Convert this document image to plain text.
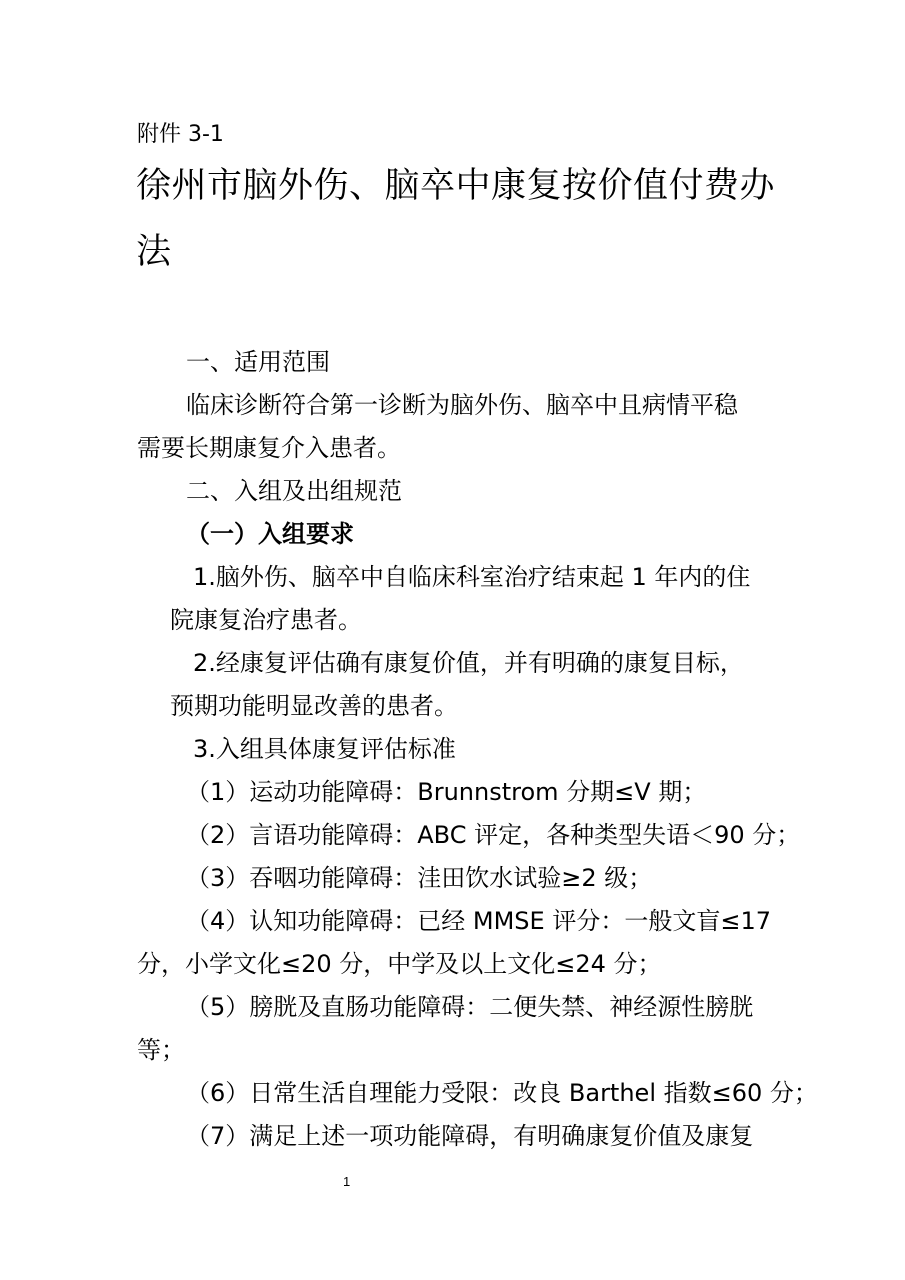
附件 3-1
徐州市脑外伤、脑卒中康复按价值付费办
法
一、适用范围
临床诊断符合第一诊断为脑外伤、脑卒中且病情平稳
需要长期康复介入患者。
二、入组及出组规范
（一）入组要求
1.脑外伤、脑卒中自临床科室治疗结束起 1 年内的住
院康复治疗患者。
2.经康复评估确有康复价值，并有明确的康复目标，
预期功能明显改善的患者。
3.入组具体康复评估标准
（1）运动功能障碍：Brunnstrom 分期≤V 期；
（2）言语功能障碍：ABC 评定，各种类型失语＜90 分；
（3）吞咽功能障碍：洼田饮水试验≥2 级；
（4）认知功能障碍：已经 MMSE 评分：一般文盲≤17
分，小学文化≤20 分，中学及以上文化≤24 分；
（5）膀胱及直肠功能障碍：二便失禁、神经源性膀胱
等；
（6）日常生活自理能力受限：改良 Barthel 指数≤60 分；
（7）满足上述一项功能障碍，有明确康复价值及康复
1
